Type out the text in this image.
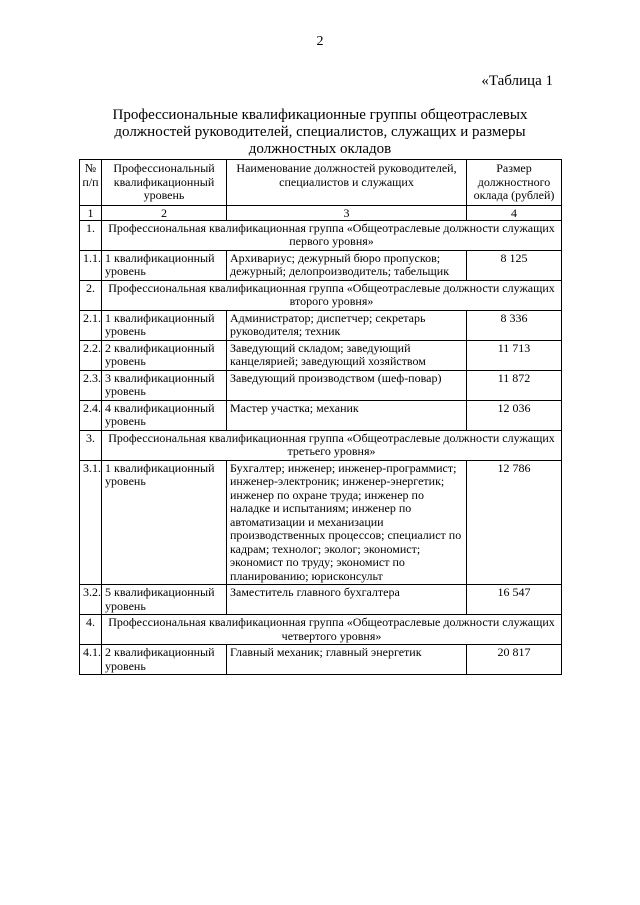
2
«Таблица 1
Профессиональные квалификационные группы общеотраслевых должностей руководителей, специалистов, служащих и размеры должностных окладов
№ п/п	Профессиональный квалификационный уровень	Наименование должностей руководителей, специалистов и служащих	Размер должностного оклада (рублей)
1	2	3	4
1.	Профессиональная квалификационная группа «Общеотраслевые должности служащих первого уровня»		
1.1.	1 квалификационный уровень	Архивариус; дежурный бюро пропусков; дежурный; делопроизводитель; табельщик	8 125
2.	Профессиональная квалификационная группа «Общеотраслевые должности служащих второго уровня»		
2.1.	1 квалификационный уровень	Администратор; диспетчер; секретарь руководителя; техник	8 336
2.2.	2 квалификационный уровень	Заведующий складом; заведующий канцелярией; заведующий хозяйством	11 713
2.3.	3 квалификационный уровень	Заведующий производством (шеф-повар)	11 872
2.4.	4 квалификационный уровень	Мастер участка; механик	12 036
3.	Профессиональная квалификационная группа «Общеотраслевые должности служащих третьего уровня»		
3.1.	1 квалификационный уровень	Бухгалтер; инженер; инженер-программист; инженер-электроник; инженер-энергетик; инженер по охране труда; инженер по наладке и испытаниям; инженер по автоматизации и механизации производственных процессов; специалист по кадрам; технолог; эколог; экономист; экономист по труду; экономист по планированию; юрисконсульт	12 786
3.2.	5 квалификационный уровень	Заместитель главного бухгалтера	16 547
4.	Профессиональная квалификационная группа «Общеотраслевые должности служащих четвертого уровня»		
4.1.	2 квалификационный уровень	Главный механик; главный энергетик	20 817
